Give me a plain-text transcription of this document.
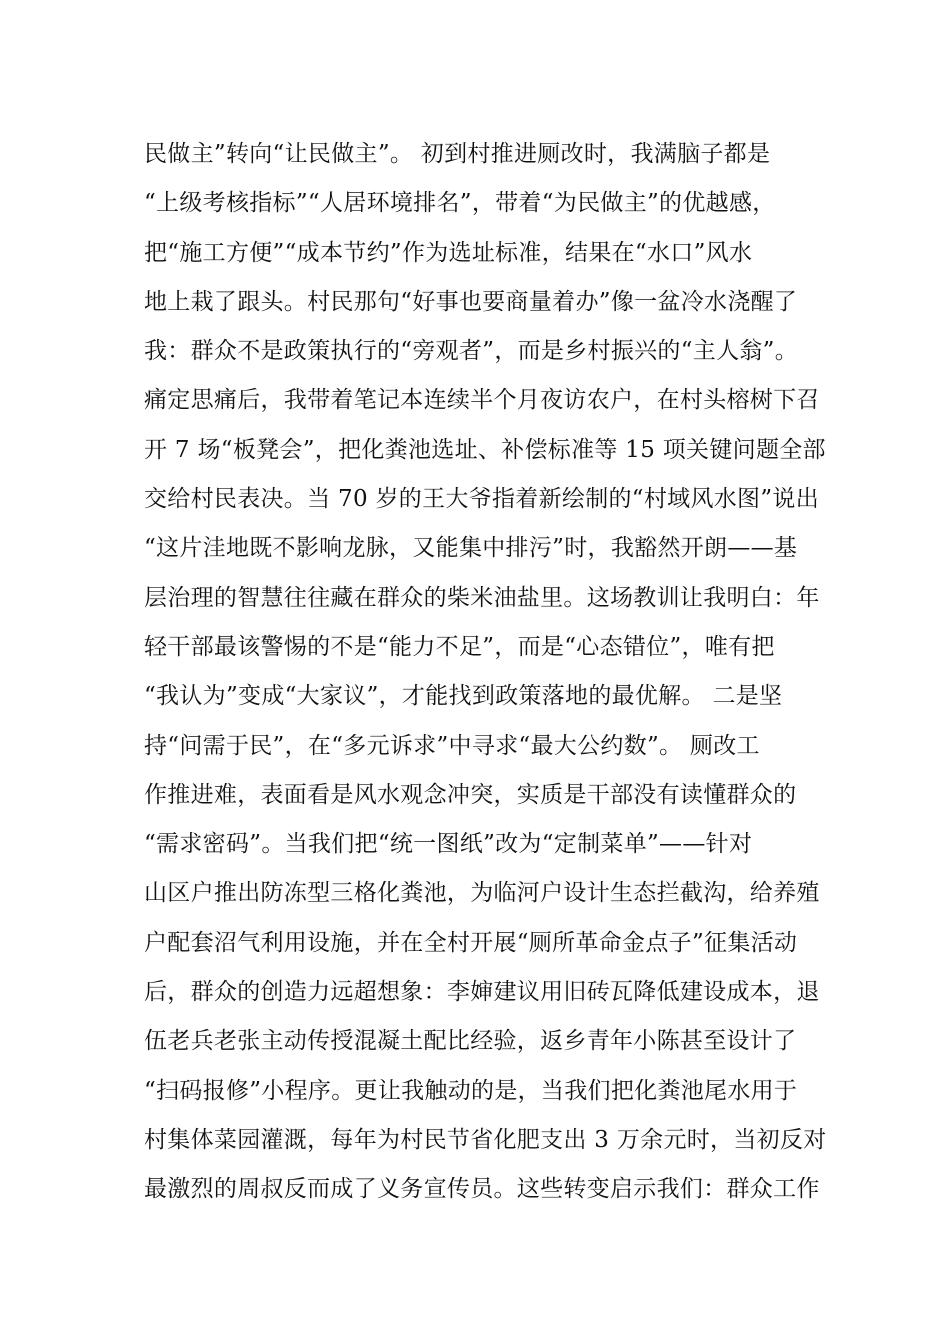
民做主”转向“让民做主”。 初到村推进厕改时，我满脑子都是
“上级考核指标”“人居环境排名”，带着“为民做主”的优越感，
把“施工方便”“成本节约”作为选址标准，结果在“水口”风水
地上栽了跟头。村民那句“好事也要商量着办”像一盆冷水浇醒了
我：群众不是政策执行的“旁观者”，而是乡村振兴的“主人翁”。
痛定思痛后，我带着笔记本连续半个月夜访农户，在村头榕树下召
开 7 场“板凳会”，把化粪池选址、补偿标准等 15 项关键问题全部
交给村民表决。当 70 岁的王大爷指着新绘制的“村域风水图”说出
“这片洼地既不影响龙脉，又能集中排污”时，我豁然开朗——基
层治理的智慧往往藏在群众的柴米油盐里。这场教训让我明白：年
轻干部最该警惕的不是“能力不足”，而是“心态错位”，唯有把
“我认为”变成“大家议”，才能找到政策落地的最优解。 二是坚
持“问需于民”，在“多元诉求”中寻求“最大公约数”。 厕改工
作推进难，表面看是风水观念冲突，实质是干部没有读懂群众的
“需求密码”。当我们把“统一图纸”改为“定制菜单”——针对
山区户推出防冻型三格化粪池，为临河户设计生态拦截沟，给养殖
户配套沼气利用设施，并在全村开展“厕所革命金点子”征集活动
后，群众的创造力远超想象：李婶建议用旧砖瓦降低建设成本，退
伍老兵老张主动传授混凝土配比经验，返乡青年小陈甚至设计了
“扫码报修”小程序。更让我触动的是，当我们把化粪池尾水用于
村集体菜园灌溉，每年为村民节省化肥支出 3 万余元时，当初反对
最激烈的周叔反而成了义务宣传员。这些转变启示我们：群众工作
